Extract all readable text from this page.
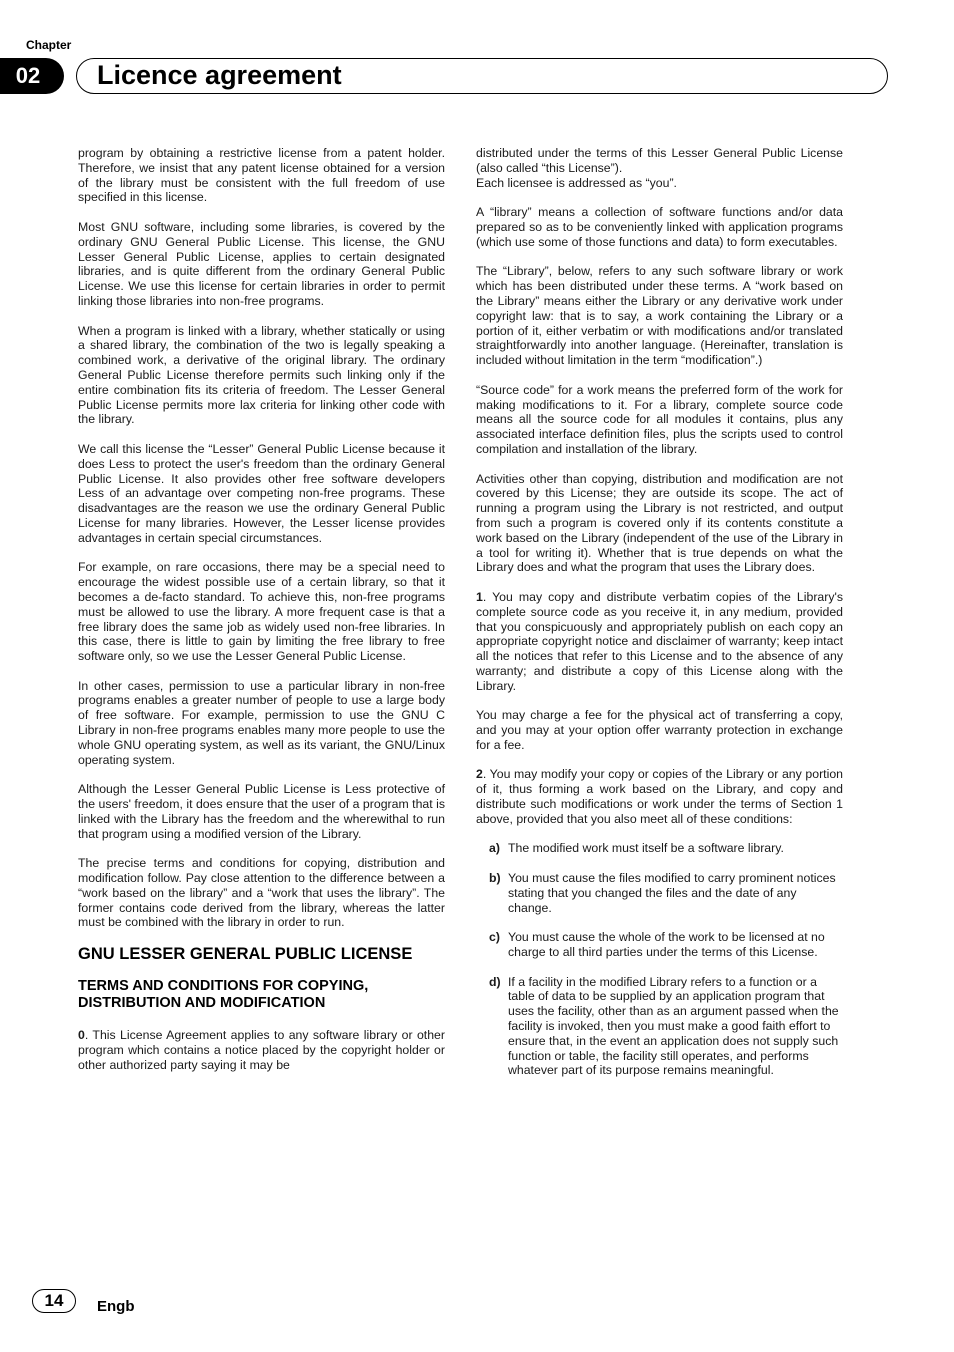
Chapter
02	Licence agreement

program by obtaining a restrictive license from a patent holder. Therefore, we insist that any patent license obtained for a version of the library must be consistent with the full freedom of use specified in this license.

Most GNU software, including some libraries, is covered by the ordinary GNU General Public License. This license, the GNU Lesser General Public License, applies to certain designated libraries, and is quite different from the ordinary General Public License. We use this license for certain libraries in order to permit linking those libraries into non-free programs.

When a program is linked with a library, whether statically or using a shared library, the combination of the two is legally speaking a combined work, a derivative of the original library. The ordinary General Public License therefore permits such linking only if the entire combination fits its criteria of freedom. The Lesser General Public License permits more lax criteria for linking other code with the library.

We call this license the “Lesser” General Public License because it does Less to protect the user's freedom than the ordinary General Public License. It also provides other free software developers Less of an advantage over competing non-free programs. These disadvantages are the reason we use the ordinary General Public License for many libraries. However, the Lesser license provides advantages in certain special circumstances.

For example, on rare occasions, there may be a special need to encourage the widest possible use of a certain library, so that it becomes a de-facto standard. To achieve this, non-free programs must be allowed to use the library. A more frequent case is that a free library does the same job as widely used non-free libraries. In this case, there is little to gain by limiting the free library to free software only, so we use the Lesser General Public License.

In other cases, permission to use a particular library in non-free programs enables a greater number of people to use a large body of free software. For example, permission to use the GNU C Library in non-free programs enables many more people to use the whole GNU operating system, as well as its variant, the GNU/Linux operating system.

Although the Lesser General Public License is Less protective of the users' freedom, it does ensure that the user of a program that is linked with the Library has the freedom and the wherewithal to run that program using a modified version of the Library.

The precise terms and conditions for copying, distribution and modification follow. Pay close attention to the difference between a “work based on the library” and a “work that uses the library”. The former contains code derived from the library, whereas the latter must be combined with the library in order to run.

GNU LESSER GENERAL PUBLIC LICENSE
TERMS AND CONDITIONS FOR COPYING, DISTRIBUTION AND MODIFICATION

0. This License Agreement applies to any software library or other program which contains a notice placed by the copyright holder or other authorized party saying it may be

distributed under the terms of this Lesser General Public License (also called “this License”).

Each licensee is addressed as “you”.

A “library” means a collection of software functions and/or data prepared so as to be conveniently linked with application programs (which use some of those functions and data) to form executables.

The “Library”, below, refers to any such software library or work which has been distributed under these terms. A “work based on the Library” means either the Library or any derivative work under copyright law: that is to say, a work containing the Library or a portion of it, either verbatim or with modifications and/or translated straightforwardly into another language. (Hereinafter, translation is included without limitation in the term “modification”.)

“Source code” for a work means the preferred form of the work for making modifications to it. For a library, complete source code means all the source code for all modules it contains, plus any associated interface definition files, plus the scripts used to control compilation and installation of the library.

Activities other than copying, distribution and modification are not covered by this License; they are outside its scope. The act of running a program using the Library is not restricted, and output from such a program is covered only if its contents constitute a work based on the Library (independent of the use of the Library in a tool for writing it). Whether that is true depends on what the Library does and what the program that uses the Library does.

1. You may copy and distribute verbatim copies of the Library's complete source code as you receive it, in any medium, provided that you conspicuously and appropriately publish on each copy an appropriate copyright notice and disclaimer of warranty; keep intact all the notices that refer to this License and to the absence of any warranty; and distribute a copy of this License along with the Library.

You may charge a fee for the physical act of transferring a copy, and you may at your option offer warranty protection in exchange for a fee.

2. You may modify your copy or copies of the Library or any portion of it, thus forming a work based on the Library, and copy and distribute such modifications or work under the terms of Section 1 above, provided that you also meet all of these conditions:

a) The modified work must itself be a software library.
b) You must cause the files modified to carry prominent notices stating that you changed the files and the date of any change.
c) You must cause the whole of the work to be licensed at no charge to all third parties under the terms of this License.
d) If a facility in the modified Library refers to a function or a table of data to be supplied by an application program that uses the facility, other than as an argument passed when the facility is invoked, then you must make a good faith effort to ensure that, in the event an application does not supply such function or table, the facility still operates, and performs whatever part of its purpose remains meaningful.
14	Engb
